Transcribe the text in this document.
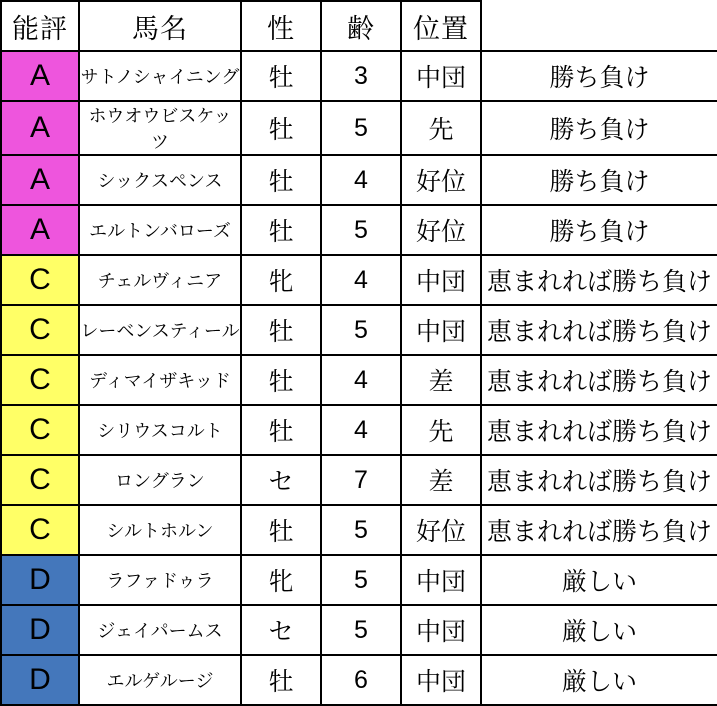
能評	馬名	性	齢	位置	
A	サトノシャイニング	牡	3	中団	勝ち負け
A	ホウオウビスケッツ	牡	5	先	勝ち負け
A	シックスペンス	牡	4	好位	勝ち負け
A	エルトンバローズ	牡	5	好位	勝ち負け
C	チェルヴィニア	牝	4	中団	恵まれれば勝ち負け
C	レーベンスティール	牡	5	中団	恵まれれば勝ち負け
C	ディマイザキッド	牡	4	差	恵まれれば勝ち負け
C	シリウスコルト	牡	4	先	恵まれれば勝ち負け
C	ロングラン	セ	7	差	恵まれれば勝ち負け
C	シルトホルン	牡	5	好位	恵まれれば勝ち負け
D	ラファドゥラ	牝	5	中団	厳しい
D	ジェイパームス	セ	5	中団	厳しい
D	エルゲルージ	牡	6	中団	厳しい
